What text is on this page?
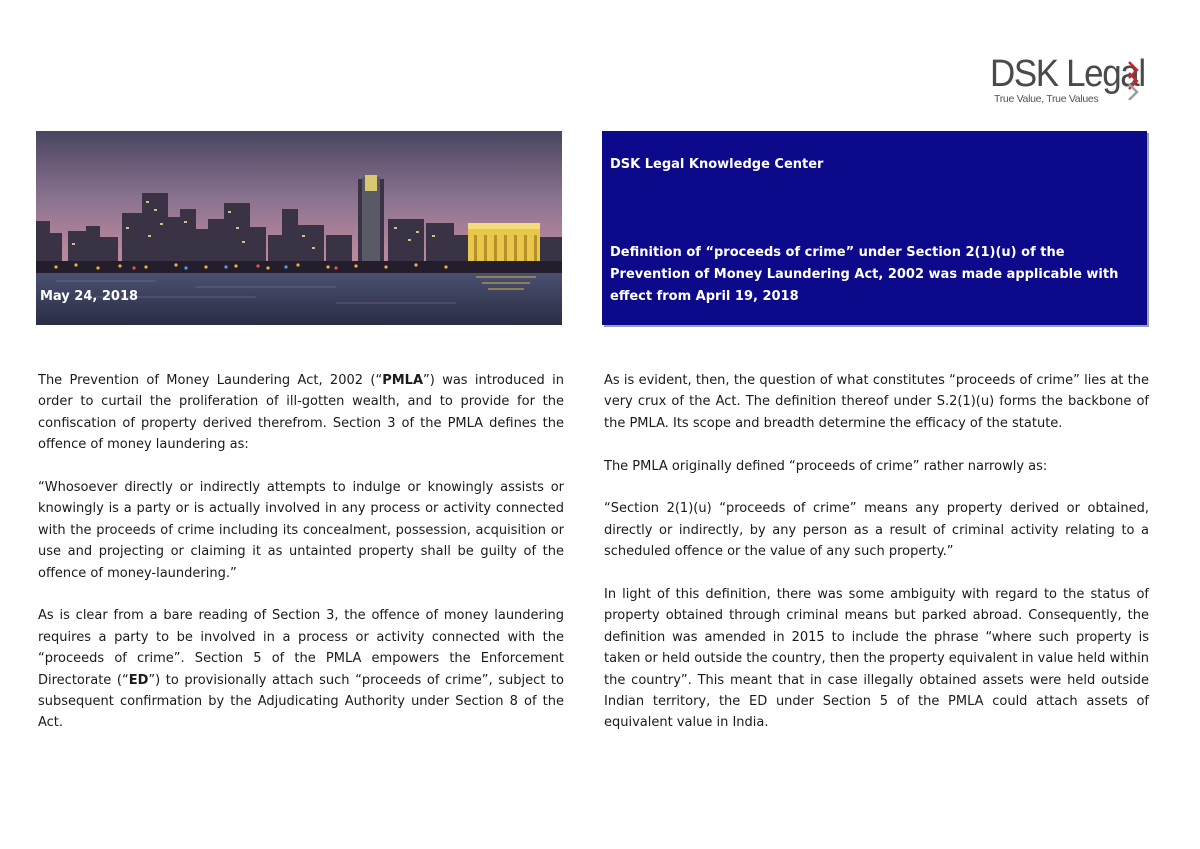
DSK Legal
True Value, True Values
May 24, 2018
DSK Legal Knowledge Center
Definition of “proceeds of crime” under Section 2(1)(u) of the Prevention of Money Laundering Act, 2002 was made applicable with effect from April 19, 2018

The Prevention of Money Laundering Act, 2002 (“PMLA”) was introduced in order to curtail the proliferation of ill-gotten wealth, and to provide for the confiscation of property derived therefrom. Section 3 of the PMLA defines the offence of money laundering as:

“Whosoever directly or indirectly attempts to indulge or knowingly assists or knowingly is a party or is actually involved in any process or activity connected with the proceeds of crime including its concealment, possession, acquisition or use and projecting or claiming it as untainted property shall be guilty of the offence of money-laundering.”

As is clear from a bare reading of Section 3, the offence of money laundering requires a party to be involved in a process or activity connected with the “proceeds of crime”. Section 5 of the PMLA empowers the Enforcement Directorate (“ED”) to provisionally attach such “proceeds of crime”, subject to subsequent confirmation by the Adjudicating Authority under Section 8 of the Act.

As is evident, then, the question of what constitutes “proceeds of crime” lies at the very crux of the Act. The definition thereof under S.2(1)(u) forms the backbone of the PMLA. Its scope and breadth determine the efficacy of the statute.

The PMLA originally defined “proceeds of crime” rather narrowly as:

“Section 2(1)(u) “proceeds of crime” means any property derived or obtained, directly or indirectly, by any person as a result of criminal activity relating to a scheduled offence or the value of any such property.”

In light of this definition, there was some ambiguity with regard to the status of property obtained through criminal means but parked abroad. Consequently, the definition was amended in 2015 to include the phrase “where such property is taken or held outside the country, then the property equivalent in value held within the country”. This meant that in case illegally obtained assets were held outside Indian territory, the ED under Section 5 of the PMLA could attach assets of equivalent value in India.
